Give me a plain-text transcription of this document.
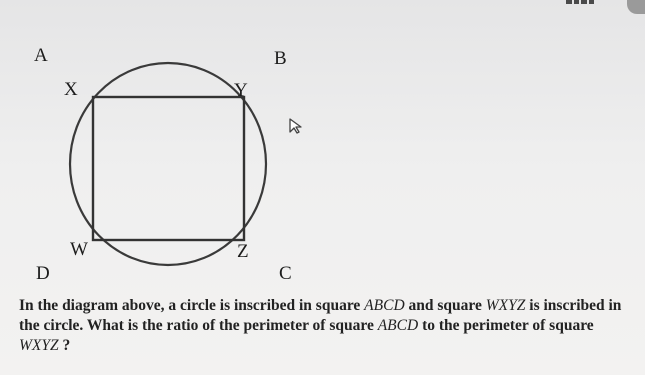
A	B
C
D
X	Y
W	Z

In the diagram above, a circle is inscribed in square ABCD and square WXYZ is inscribed in the circle. What is the ratio of the perimeter of square ABCD to the perimeter of square WXYZ ?
